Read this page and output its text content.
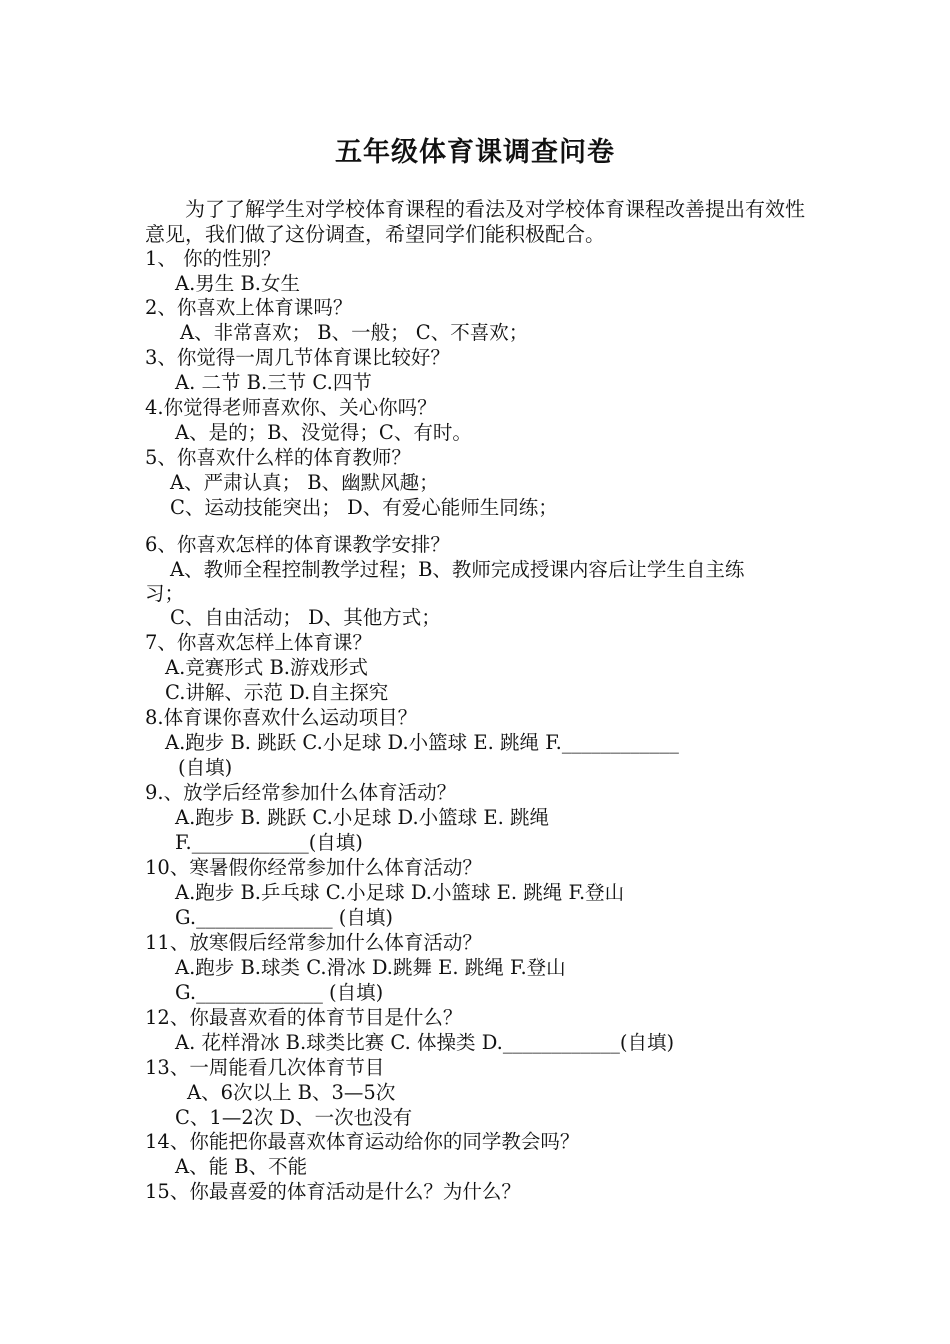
五年级体育课调查问卷
为了了解学生对学校体育课程的看法及对学校体育课程改善提出有效性意见，我们做了这份调查，希望同学们能积极配合。
1、 你的性别？
A.男生 B.女生
2、你喜欢上体育课吗？
A、非常喜欢； B、一般； C、不喜欢；
3、你觉得一周几节体育课比较好？
A. 二节 B.三节 C.四节
4.你觉得老师喜欢你、关心你吗？
A、是的；B、没觉得；C、有时。
5、你喜欢什么样的体育教师？
A、严肃认真； B、幽默风趣；
C、运动技能突出； D、有爱心能师生同练；
6、你喜欢怎样的体育课教学安排？
A、教师全程控制教学过程；B、教师完成授课内容后让学生自主练
习；
C、自由活动； D、其他方式；
7、你喜欢怎样上体育课？
A.竞赛形式 B.游戏形式
C.讲解、示范 D.自主探究
8.体育课你喜欢什么运动项目？
A.跑步 B. 跳跃 C.小足球 D.小篮球 E. 跳绳 F.____________
(自填)
9.、放学后经常参加什么体育活动？
A.跑步 B. 跳跃 C.小足球 D.小篮球 E. 跳绳
F.____________(自填)
10、寒暑假你经常参加什么体育活动？
A.跑步 B.乒乓球 C.小足球 D.小篮球 E. 跳绳 F.登山
G.______________ (自填)
11、放寒假后经常参加什么体育活动？
A.跑步 B.球类 C.滑冰 D.跳舞 E. 跳绳 F.登山
G._____________ (自填)
12、你最喜欢看的体育节目是什么？
A. 花样滑冰 B.球类比赛 C. 体操类 D.____________(自填)
13、一周能看几次体育节目
A、6次以上 B、3—5次
C、1—2次 D、一次也没有
14、你能把你最喜欢体育运动给你的同学教会吗？
A、能 B、不能
15、你最喜爱的体育活动是什么？为什么？
